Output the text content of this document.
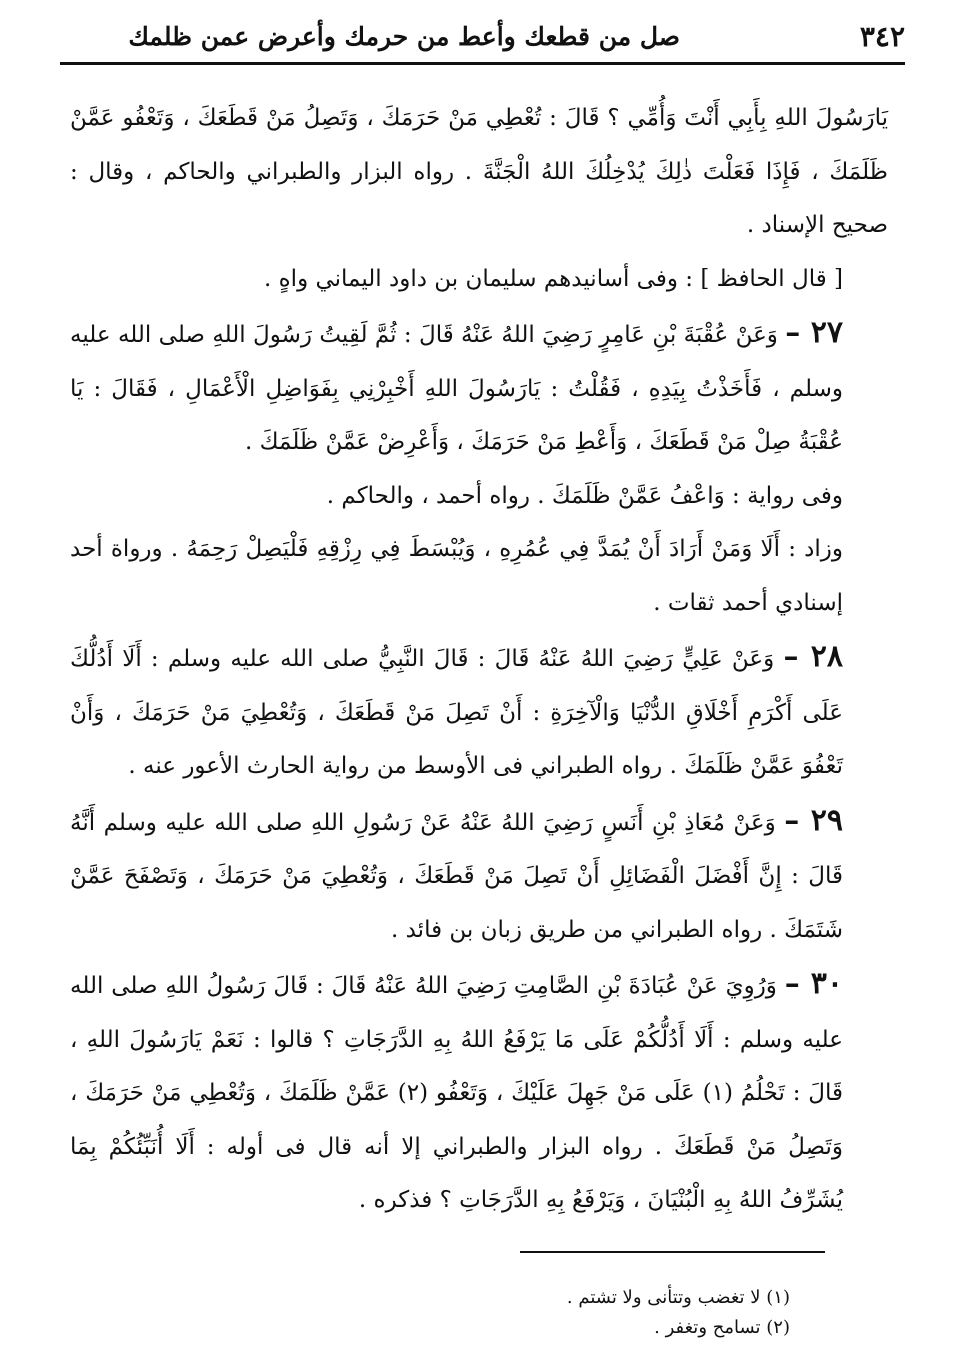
٣٤٢
صل من قطعك وأعط من حرمك وأعرض عمن ظلمك

يَارَسُولَ اللهِ بِأَبِي أَنْتَ وَأُمِّي ؟ قَالَ : تُعْطِي مَنْ حَرَمَكَ ، وَتَصِلُ مَنْ قَطَعَكَ ، وَتَعْفُو عَمَّنْ ظَلَمَكَ ، فَإِذَا فَعَلْتَ ذٰلِكَ يُدْخِلُكَ اللهُ الْجَنَّةَ . رواه البزار والطبراني والحاكم ، وقال : صحيح الإسناد .

[ قال الحافظ ] : وفى أسانيدهم سليمان بن داود اليماني واهٍ .

٢٧ – وَعَنْ عُقْبَةَ بْنِ عَامِرٍ رَضِيَ اللهُ عَنْهُ قَالَ : ثُمَّ لَقِيتُ رَسُولَ اللهِ صلى الله عليه وسلم ، فَأَخَذْتُ بِيَدِهِ ، فَقُلْتُ : يَارَسُولَ اللهِ أَخْبِرْنِي بِفَوَاضِلِ الْأَعْمَالِ ، فَقَالَ : يَا عُقْبَةُ صِلْ مَنْ قَطَعَكَ ، وَأَعْطِ مَنْ حَرَمَكَ ، وَأَعْرِضْ عَمَّنْ ظَلَمَكَ .

وفى رواية : وَاعْفُ عَمَّنْ ظَلَمَكَ . رواه أحمد ، والحاكم .

وزاد : أَلَا وَمَنْ أَرَادَ أَنْ يُمَدَّ فِي عُمُرِهِ ، وَيُبْسَطَ فِي رِزْقِهِ فَلْيَصِلْ رَحِمَهُ . ورواة أحد إسنادي أحمد ثقات .

٢٨ – وَعَنْ عَلِيٍّ رَضِيَ اللهُ عَنْهُ قَالَ : قَالَ النَّبِيُّ صلى الله عليه وسلم : أَلَا أَدُلُّكَ عَلَى أَكْرَمِ أَخْلَاقِ الدُّنْيَا وَالْآخِرَةِ : أَنْ تَصِلَ مَنْ قَطَعَكَ ، وَتُعْطِيَ مَنْ حَرَمَكَ ، وَأَنْ تَعْفُوَ عَمَّنْ ظَلَمَكَ . رواه الطبراني فى الأوسط من رواية الحارث الأعور عنه .

٢٩ – وَعَنْ مُعَاذِ بْنِ أَنَسٍ رَضِيَ اللهُ عَنْهُ عَنْ رَسُولِ اللهِ صلى الله عليه وسلم أَنَّهُ قَالَ : إِنَّ أَفْضَلَ الْفَضَائِلِ أَنْ تَصِلَ مَنْ قَطَعَكَ ، وَتُعْطِيَ مَنْ حَرَمَكَ ، وَتَصْفَحَ عَمَّنْ شَتَمَكَ . رواه الطبراني من طريق زبان بن فائد .

٣٠ – وَرُوِيَ عَنْ عُبَادَةَ بْنِ الصَّامِتِ رَضِيَ اللهُ عَنْهُ قَالَ : قَالَ رَسُولُ اللهِ صلى الله عليه وسلم : أَلَا أَدُلُّكُمْ عَلَى مَا يَرْفَعُ اللهُ بِهِ الدَّرَجَاتِ ؟ قالوا : نَعَمْ يَارَسُولَ اللهِ ، قَالَ : تَحْلُمُ (١) عَلَى مَنْ جَهِلَ عَلَيْكَ ، وَتَعْفُو (٢) عَمَّنْ ظَلَمَكَ ، وَتُعْطِي مَنْ حَرَمَكَ ، وَتَصِلُ مَنْ قَطَعَكَ . رواه البزار والطبراني إلا أنه قال فى أوله : أَلَا أُنَبِّئُكُمْ بِمَا يُشَرِّفُ اللهُ بِهِ الْبُنْيَانَ ، وَيَرْفَعُ بِهِ الدَّرَجَاتِ ؟ فذكره .

(١) لا تغضب وتتأنى ولا تشتم .

(٢) تسامح وتغفر .
